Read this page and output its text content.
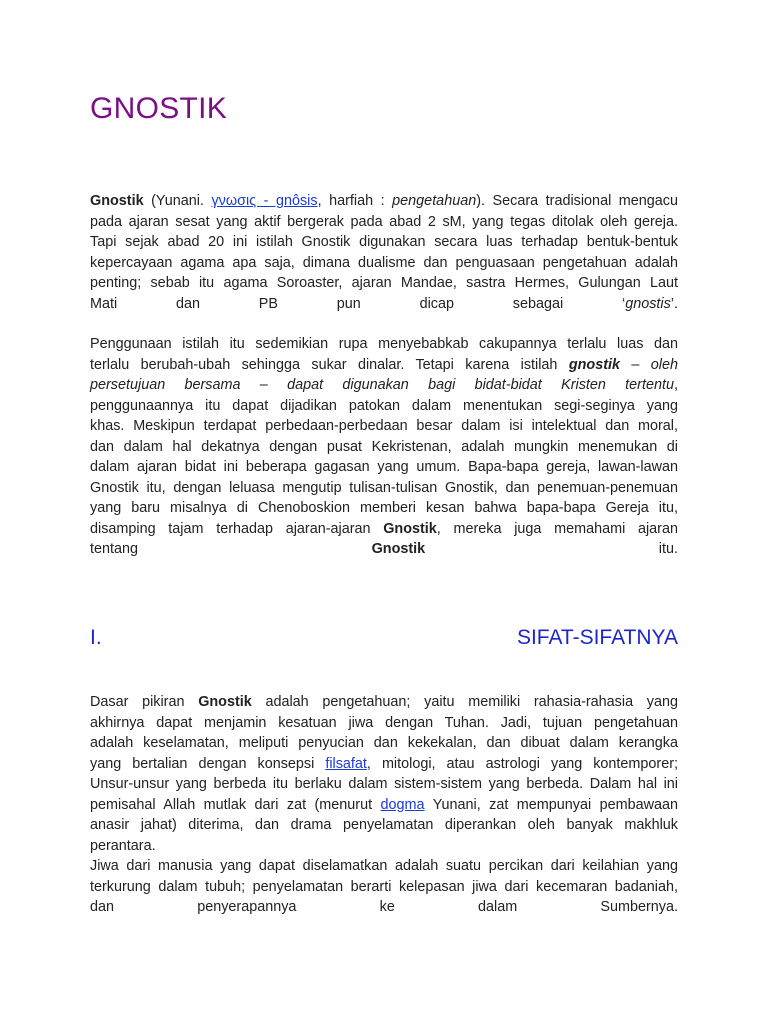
GNOSTIK
Gnostik (Yunani. γνωσις - gnôsis, harfiah : pengetahuan). Secara tradisional mengacu
pada ajaran sesat yang aktif bergerak pada abad 2 sM, yang tegas ditolak oleh gereja.
Tapi sejak abad 20 ini istilah Gnostik digunakan secara luas terhadap bentuk-bentuk
kepercayaan agama apa saja, dimana dualisme dan penguasaan pengetahuan adalah
penting; sebab itu agama Soroaster, ajaran Mandae, sastra Hermes, Gulungan Laut
Mati dan PB pun dicap sebagai ‘gnostis’.
Penggunaan istilah itu sedemikian rupa menyebabkab cakupannya terlalu luas dan
terlalu berubah-ubah sehingga sukar dinalar. Tetapi karena istilah gnostik – oleh
persetujuan bersama – dapat digunakan bagi bidat-bidat Kristen tertentu,
penggunaannya itu dapat dijadikan patokan dalam menentukan segi-seginya yang
khas. Meskipun terdapat perbedaan-perbedaan besar dalam isi intelektual dan moral,
dan dalam hal dekatnya dengan pusat Kekristenan, adalah mungkin menemukan di
dalam ajaran bidat ini beberapa gagasan yang umum. Bapa-bapa gereja, lawan-lawan
Gnostik itu, dengan leluasa mengutip tulisan-tulisan Gnostik, dan penemuan-penemuan
yang baru misalnya di Chenoboskion memberi kesan bahwa bapa-bapa Gereja itu,
disamping tajam terhadap ajaran-ajaran Gnostik, mereka juga memahami ajaran
tentang	Gnostik	itu.
I.	SIFAT-SIFATNYA
Dasar pikiran Gnostik adalah pengetahuan; yaitu memiliki rahasia-rahasia yang
akhirnya dapat menjamin kesatuan jiwa dengan Tuhan. Jadi, tujuan pengetahuan
adalah keselamatan, meliputi penyucian dan kekekalan, dan dibuat dalam kerangka
yang bertalian dengan konsepsi filsafat, mitologi, atau astrologi yang kontemporer;
Unsur-unsur yang berbeda itu berlaku dalam sistem-sistem yang berbeda. Dalam hal ini
pemisahal Allah mutlak dari zat (menurut dogma Yunani, zat mempunyai pembawaan
anasir jahat) diterima, dan drama penyelamatan diperankan oleh banyak makhluk
perantara.
Jiwa dari manusia yang dapat diselamatkan adalah suatu percikan dari keilahian yang
terkurung dalam tubuh; penyelamatan berarti kelepasan jiwa dari kecemaran badaniah,
dan penyerapannya ke dalam Sumbernya.
